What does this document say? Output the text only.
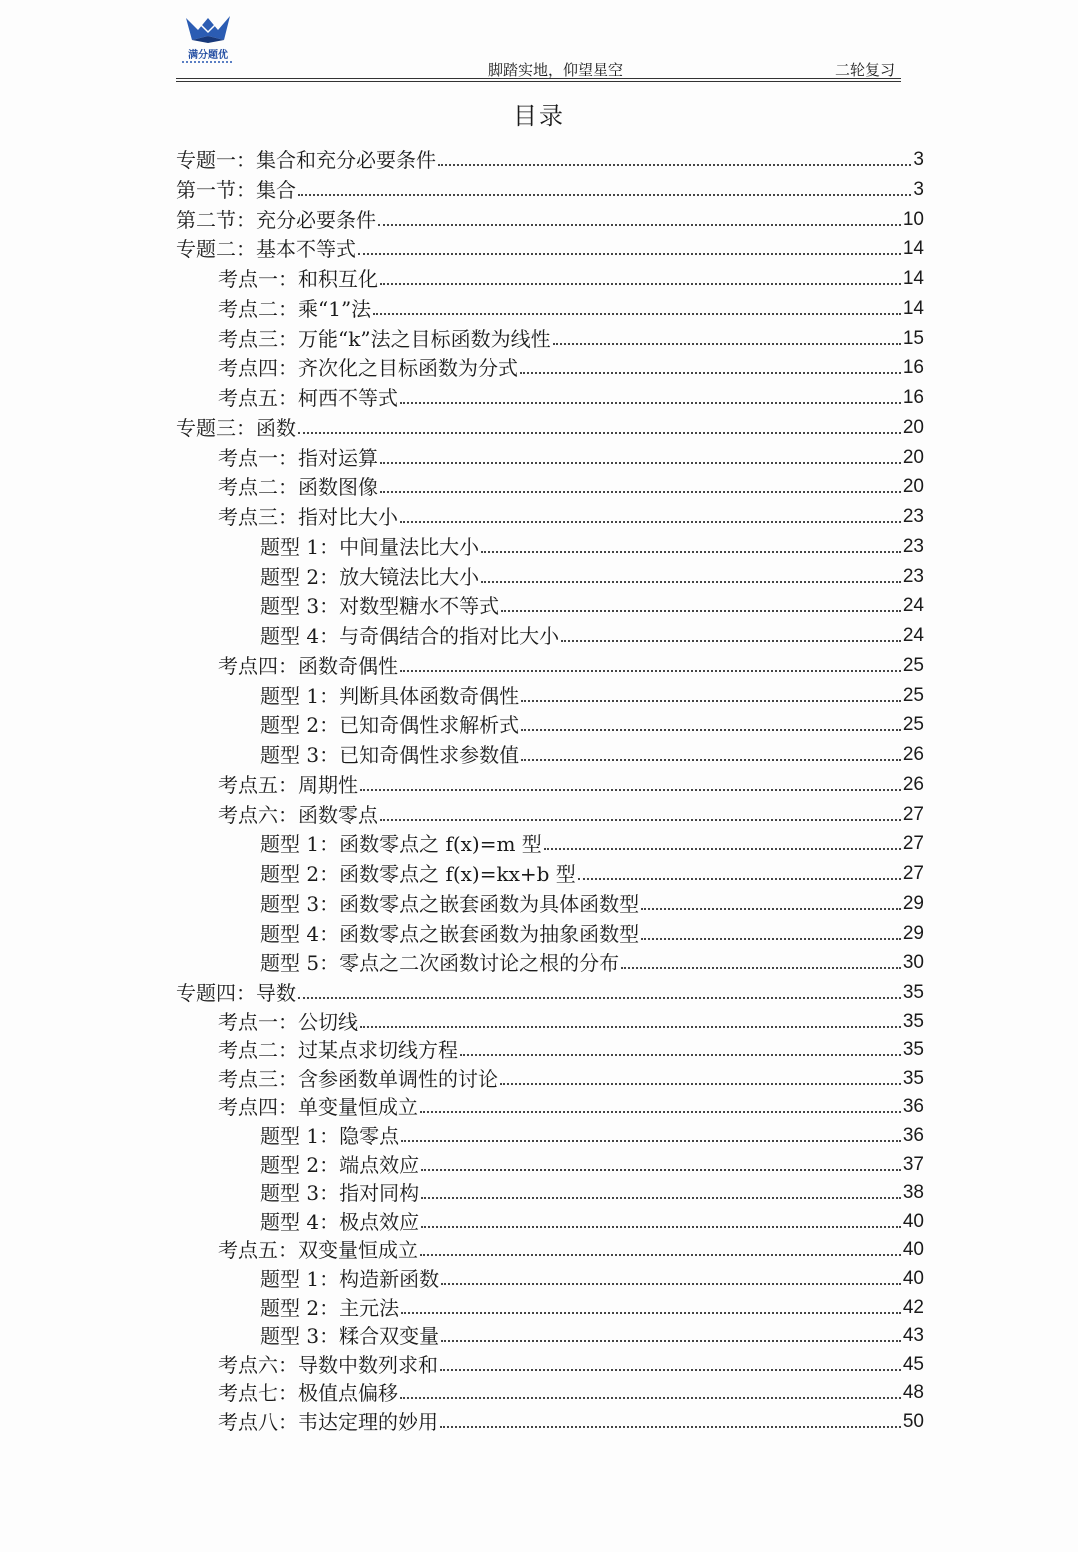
满分题优
脚踏实地，仰望星空	二轮复习
目录
专题一：集合和充分必要条件	3
第一节：集合	3
第二节：充分必要条件	10
专题二：基本不等式	14
考点一：和积互化	14
考点二：乘“1”法	14
考点三：万能“k”法之目标函数为线性	15
考点四：齐次化之目标函数为分式	16
考点五：柯西不等式	16
专题三：函数	20
考点一：指对运算	20
考点二：函数图像	20
考点三：指对比大小	23
题型 1：中间量法比大小	23
题型 2：放大镜法比大小	23
题型 3：对数型糖水不等式	24
题型 4：与奇偶结合的指对比大小	24
考点四：函数奇偶性	25
题型 1：判断具体函数奇偶性	25
题型 2：已知奇偶性求解析式	25
题型 3：已知奇偶性求参数值	26
考点五：周期性	26
考点六：函数零点	27
题型 1：函数零点之 f(x)=m 型	27
题型 2：函数零点之 f(x)=kx+b 型	27
题型 3：函数零点之嵌套函数为具体函数型	29
题型 4：函数零点之嵌套函数为抽象函数型	29
题型 5：零点之二次函数讨论之根的分布	30
专题四：导数	35
考点一：公切线	35
考点二：过某点求切线方程	35
考点三：含参函数单调性的讨论	35
考点四：单变量恒成立	36
题型 1：隐零点	36
题型 2：端点效应	37
题型 3：指对同构	38
题型 4：极点效应	40
考点五：双变量恒成立	40
题型 1：构造新函数	40
题型 2：主元法	42
题型 3：糅合双变量	43
考点六：导数中数列求和	45
考点七：极值点偏移	48
考点八：韦达定理的妙用	50
